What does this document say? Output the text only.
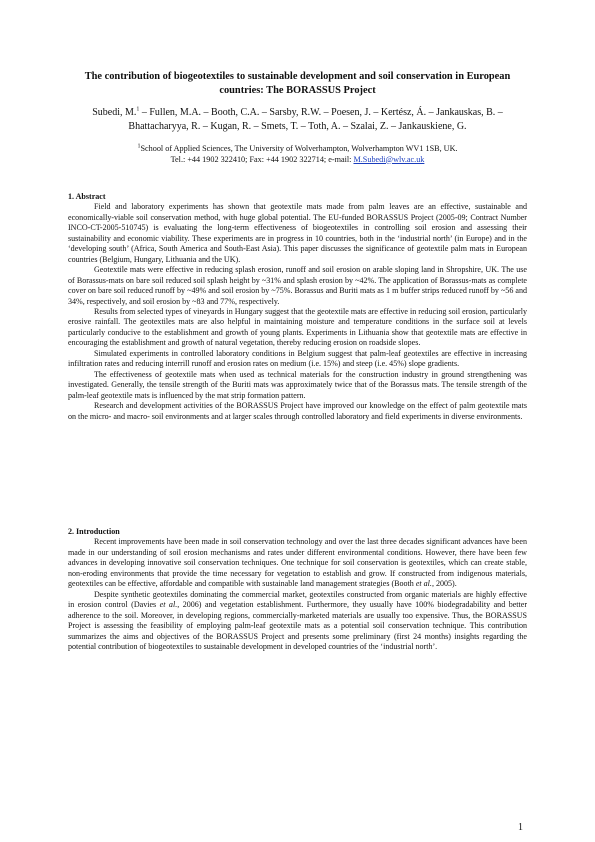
The contribution of biogeotextiles to sustainable development and soil conservation in European countries: The BORASSUS Project
Subedi, M.$^1$ – Fullen, M.A. – Booth, C.A. – Sarsby, R.W. – Poesen, J. – Kertész, Á. – Jankauskas, B. –
Bhattacharyya, R. – Kugan, R. – Smets, T. – Toth, A. – Szalai, Z. – Jankauskiene, G.
$^1$School of Applied Sciences, The University of Wolverhampton, Wolverhampton WV1 1SB, UK.
Tel.: +44 1902 322410; Fax: +44 1902 322714; e-mail: M.Subedi@wlv.ac.uk
1. Abstract

Field and laboratory experiments has shown that geotextile mats made from palm leaves are an effective, sustainable and economically-viable soil conservation method, with huge global potential. The EU-funded BORASSUS Project (2005-09; Contract Number INCO-CT-2005-510745) is evaluating the long-term effectiveness of biogeotextiles in controlling soil erosion and assessing their sustainability and economic viability. These experiments are in progress in 10 countries, both in the ‘industrial north’ (in Europe) and in the ‘developing south’ (Africa, South America and South-East Asia). This paper discusses the significance of geotextile palm mats in European countries (Belgium, Hungary, Lithuania and the UK).

Geotextile mats were effective in reducing splash erosion, runoff and soil erosion on arable sloping land in Shropshire, UK. The use of Borassus-mats on bare soil reduced soil splash height by ~31% and splash erosion by ~42%. The application of Borassus-mats as complete cover on bare soil reduced runoff by ~49% and soil erosion by ~75%. Borassus and Buriti mats as 1 m buffer strips reduced runoff by ~56 and 34%, respectively, and soil erosion by ~83 and 77%, respectively.

Results from selected types of vineyards in Hungary suggest that the geotextile mats are effective in reducing soil erosion, particularly erosive rainfall. The geotextiles mats are also helpful in maintaining moisture and temperature conditions in the surface soil at levels particularly conducive to the establishment and growth of young plants. Experiments in Lithuania show that geotextile mats are effective in encouraging the establishment and growth of natural vegetation, thereby reducing erosion on roadside slopes.

Simulated experiments in controlled laboratory conditions in Belgium suggest that palm-leaf geotextiles are effective in increasing infiltration rates and reducing interrill runoff and erosion rates on medium (i.e. 15%) and steep (i.e. 45%) slope gradients.

The effectiveness of geotextile mats when used as technical materials for the construction industry in ground strengthening was investigated. Generally, the tensile strength of the Buriti mats was approximately twice that of the Borassus mats. The tensile strength of the palm-leaf geotextile mats is influenced by the mat strip formation pattern.

Research and development activities of the BORASSUS Project have improved our knowledge on the effect of palm geotextile mats on the micro- and macro- soil environments and at larger scales through controlled laboratory and field experiments in diverse environments.

2. Introduction

Recent improvements have been made in soil conservation technology and over the last three decades significant advances have been made in our understanding of soil erosion mechanisms and rates under different environmental conditions. However, there have been few advances in developing innovative soil conservation techniques. One technique for soil conservation is geotextiles, which can create stable, non-eroding environments that provide the time necessary for vegetation to establish and grow. If constructed from indigenous materials, geotextiles can be effective, affordable and compatible with sustainable land management strategies (Booth et al., 2005).

Despite synthetic geotextiles dominating the commercial market, geotextiles constructed from organic materials are highly effective in erosion control (Davies et al., 2006) and vegetation establishment. Furthermore, they usually have 100% biodegradability and better adherence to the soil. Moreover, in developing regions, commercially-marketed materials are usually too expensive. Thus, the BORASSUS Project is assessing the feasibility of employing palm-leaf geotextile mats as a potential soil conservation technique. This contribution summarizes the aims and objectives of the BORASSUS Project and presents some preliminary (first 24 months) insights regarding the potential contribution of biogeotextiles to sustainable development in developed countries of the ‘industrial north’.

1
